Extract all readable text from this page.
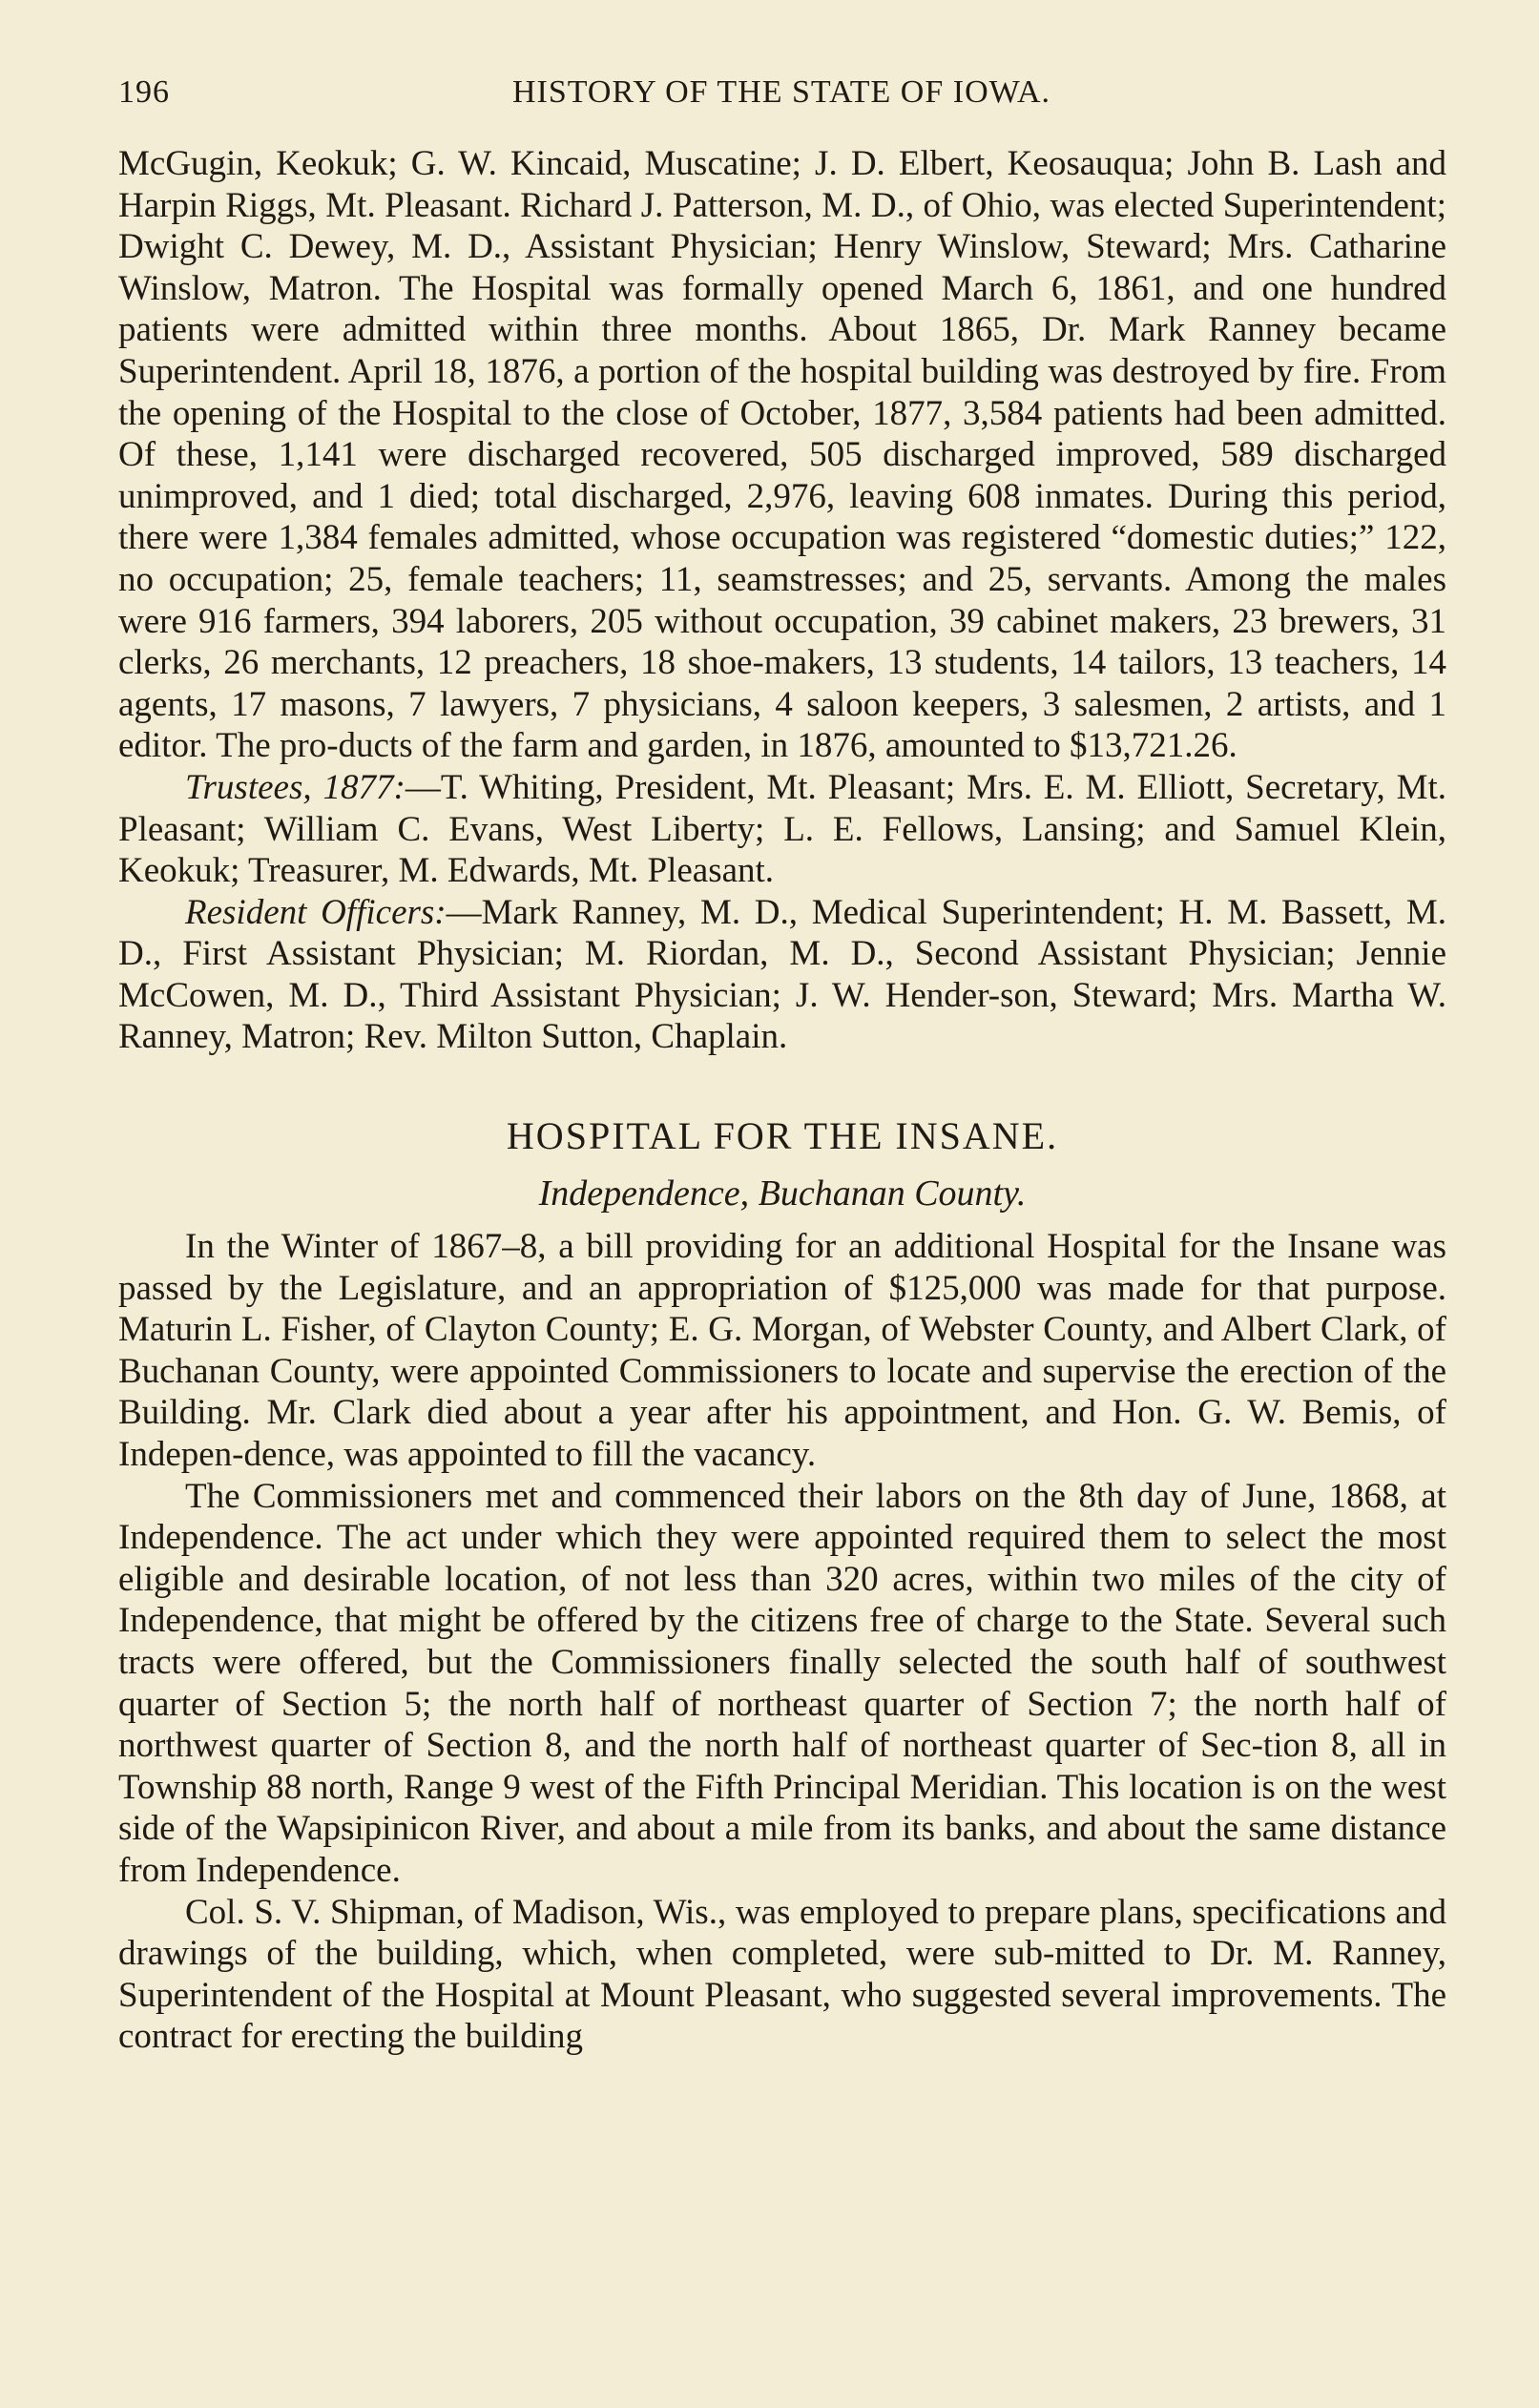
196	HISTORY OF THE STATE OF IOWA.

McGugin, Keokuk; G. W. Kincaid, Muscatine; J. D. Elbert, Keosauqua; John B. Lash and Harpin Riggs, Mt. Pleasant. Richard J. Patterson, M. D., of Ohio, was elected Superintendent; Dwight C. Dewey, M. D., Assistant Physician; Henry Winslow, Steward; Mrs. Catharine Winslow, Matron. The Hospital was formally opened March 6, 1861, and one hundred patients were admitted within three months. About 1865, Dr. Mark Ranney became Superintendent. April 18, 1876, a portion of the hospital building was destroyed by fire. From the opening of the Hospital to the close of October, 1877, 3,584 patients had been admitted. Of these, 1,141 were discharged recovered, 505 discharged improved, 589 discharged unimproved, and 1 died; total discharged, 2,976, leaving 608 inmates. During this period, there were 1,384 females admitted, whose occupation was registered “domestic duties;” 122, no occupation; 25, female teachers; 11, seamstresses; and 25, servants. Among the males were 916 farmers, 394 laborers, 205 without occupation, 39 cabinet makers, 23 brewers, 31 clerks, 26 merchants, 12 preachers, 18 shoe-makers, 13 students, 14 tailors, 13 teachers, 14 agents, 17 masons, 7 lawyers, 7 physicians, 4 saloon keepers, 3 salesmen, 2 artists, and 1 editor. The pro-ducts of the farm and garden, in 1876, amounted to $13,721.26.

Trustees, 1877:—T. Whiting, President, Mt. Pleasant; Mrs. E. M. Elliott, Secretary, Mt. Pleasant; William C. Evans, West Liberty; L. E. Fellows, Lansing; and Samuel Klein, Keokuk; Treasurer, M. Edwards, Mt. Pleasant.

Resident Officers:—Mark Ranney, M. D., Medical Superintendent; H. M. Bassett, M. D., First Assistant Physician; M. Riordan, M. D., Second Assistant Physician; Jennie McCowen, M. D., Third Assistant Physician; J. W. Hender-son, Steward; Mrs. Martha W. Ranney, Matron; Rev. Milton Sutton, Chaplain.

HOSPITAL FOR THE INSANE.
Independence, Buchanan County.

In the Winter of 1867–8, a bill providing for an additional Hospital for the Insane was passed by the Legislature, and an appropriation of $125,000 was made for that purpose. Maturin L. Fisher, of Clayton County; E. G. Morgan, of Webster County, and Albert Clark, of Buchanan County, were appointed Commissioners to locate and supervise the erection of the Building. Mr. Clark died about a year after his appointment, and Hon. G. W. Bemis, of Indepen-dence, was appointed to fill the vacancy.

The Commissioners met and commenced their labors on the 8th day of June, 1868, at Independence. The act under which they were appointed required them to select the most eligible and desirable location, of not less than 320 acres, within two miles of the city of Independence, that might be offered by the citizens free of charge to the State. Several such tracts were offered, but the Commissioners finally selected the south half of southwest quarter of Section 5; the north half of northeast quarter of Section 7; the north half of northwest quarter of Section 8, and the north half of northeast quarter of Sec-tion 8, all in Township 88 north, Range 9 west of the Fifth Principal Meridian. This location is on the west side of the Wapsipinicon River, and about a mile from its banks, and about the same distance from Independence.

Col. S. V. Shipman, of Madison, Wis., was employed to prepare plans, specifications and drawings of the building, which, when completed, were sub-mitted to Dr. M. Ranney, Superintendent of the Hospital at Mount Pleasant, who suggested several improvements. The contract for erecting the building
